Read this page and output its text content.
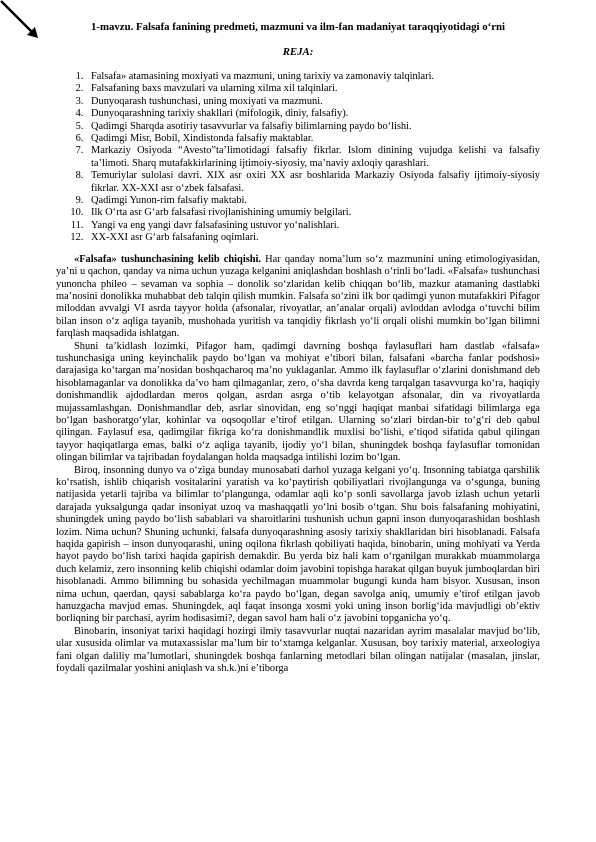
1-mavzu. Falsafa fanining predmeti, mazmuni va ilm-fan madaniyat taraqqiyotidagi o‘rni
REJA:
1. Falsafa» atamasining moxiyati va mazmuni, uning tarixiy va zamonaviy talqinlari.
2. Falsafaning baxs mavzulari va ularning xilma xil talqinlari.
3. Dunyoqarash tushunchasi, uning moxiyati va mazmuni.
4. Dunyoqarashning tarixiy shakllari (mifologik, diniy, falsafiy).
5. Qadimgi Sharqda asotiriy tasavvurlar va falsafiy bilimlarning paydo bo‘lishi.
6. Qadimgi Misr, Bobil, Xindistonda falsafiy maktablar.
7. Markaziy Osiyoda “Avesto”ta’limotidagi falsafiy fikrlar. Islom dinining vujudga kelishi va falsafiy ta’limoti. Sharq mutafakkirlarining ijtimoiy-siyosiy, ma’naviy axloqiy qarashlari.
8. Temuriylar sulolasi davri. XIX asr oxiri XX asr boshlarida Markaziy Osiyoda falsafiy ijtimoiy-siyosiy fikrlar. XX-XXI asr o‘zbek falsafasi.
9. Qadimgi Yunon-rim falsafiy maktabi.
10. Ilk O‘rta asr G‘arb falsafasi rivojlanishining umumiy belgilari.
11. Yangi va eng yangi davr falsafasining ustuvor yo‘nalishlari.
12. XX-XXI asr G‘arb falsafaning oqimlari.

«Falsafa» tushunchasining kelib chiqishi. Har qanday noma’lum so‘z mazmunini uning etimologiyasidan, ya’ni u qachon, qanday va nima uchun yuzaga kelganini aniqlashdan boshlash o‘rinli bo‘ladi. «Falsafa» tushunchasi yunoncha phileo – sevaman va sophia – donolik so‘zlaridan kelib chiqqan bo‘lib, mazkur atamaning dastlabki ma’nosini donolikka muhabbat deb talqin qilish mumkin. Falsafa so‘zini ilk bor qadimgi yunon mutafakkiri Pifagor miloddan avvalgi VI asrda tayyor holda (afsonalar, rivoyatlar, an’analar orqali) avloddan avlodga o‘tuvchi bilim bilan inson o‘z aqliga tayanib, mushohada yuritish va tanqidiy fikrlash yo‘li orqali olishi mumkin bo‘lgan bilimni farqlash maqsadida ishlatgan.

Shuni ta’kidlash lozimki, Pifagor ham, qadimgi davrning boshqa faylasuflari ham dastlab «falsafa» tushunchasiga uning keyinchalik paydo bo‘lgan va mohiyat e’tibori bilan, falsafani «barcha fanlar podshosi» darajasiga ko‘targan ma’nosidan boshqacharoq ma’no yuklaganlar. Ammo ilk faylasuflar o‘zlarini donishmand deb hisoblamaganlar va donolikka da’vo ham qilmaganlar, zero, o‘sha davrda keng tarqalgan tasavvurga ko‘ra, haqiqiy donishmandlik ajdodlardan meros qolgan, asrdan asrga o‘tib kelayotgan afsonalar, din va rivoyatlarda mujassamlashgan. Donishmandlar deb, asrlar sinovidan, eng so‘nggi haqiqat manbai sifatidagi bilimlarga ega bo‘lgan bashoratgo‘ylar, kohinlar va oqsoqollar e’tirof etilgan. Ularning so‘zlari birdan-bir to‘g‘ri deb qabul qilingan. Faylasuf esa, qadimgilar fikriga ko‘ra donishmandlik muxlisi bo‘lishi, e’tiqod sifatida qabul qilingan tayyor haqiqatlarga emas, balki o‘z aqliga tayanib, ijodiy yo‘l bilan, shuningdek boshqa faylasuflar tomonidan olingan bilimlar va tajribadan foydalangan holda maqsadga intilishi lozim bo‘lgan.

Biroq, insonning dunyo va o‘ziga bunday munosabati darhol yuzaga kelgani yo‘q. Insonning tabiatga qarshilik ko‘rsatish, ishlib chiqarish vositalarini yaratish va ko‘paytirish qobiliyatlari rivojlangunga va o‘sgunga, buning natijasida yetarli tajriba va bilimlar to‘plangunga, odamlar aqli ko‘p sonli savollarga javob izlash uchun yetarli darajada yuksalgunga qadar insoniyat uzoq va mashaqqatli yo‘lni bosib o‘tgan. Shu bois falsafaning mohiyatini, shuningdek uning paydo bo‘lish sabablari va sharoitlarini tushunish uchun gapni inson dunyoqarashidan boshlash lozim. Nima uchun? Shuning uchunki, falsafa dunyoqarashning asosiy tarixiy shakllaridan biri hisoblanadi. Falsafa haqida gapirish – inson dunyoqarashi, uning oqilona fikrlash qobiliyati haqida, binobarin, uning mohiyati va Yerda hayot paydo bo‘lish tarixi haqida gapirish demakdir. Bu yerda biz hali kam o‘rganilgan murakkab muammolarga duch kelamiz, zero insonning kelib chiqishi odamlar doim javobini topishga harakat qilgan buyuk jumboqlardan biri hisoblanadi. Ammo bilimning bu sohasida yechilmagan muammolar bugungi kunda ham bisyor. Xususan, inson nima uchun, qaerdan, qaysi sabablarga ko‘ra paydo bo‘lgan, degan savolga aniq, umumiy e’tirof etilgan javob hanuzgacha mavjud emas. Shuningdek, aql faqat insonga xosmi yoki uning inson borlig‘ida mavjudligi ob’ektiv borliqning bir parchasi, ayrim hodisasimi?, degan savol ham hali o‘z javobini topganicha yo‘q.

Binobarin, insoniyat tarixi haqidagi hozirgi ilmiy tasavvurlar nuqtai nazaridan ayrim masalalar mavjud bo‘lib, ular xususida olimlar va mutaxassislar ma’lum bir to‘xtamga kelganlar. Xususan, boy tarixiy material, arxeologiya fani olgan daliliy ma’lumotlari, shuningdek boshqa fanlarning metodlari bilan olingan natijalar (masalan, jinslar, foydali qazilmalar yoshini aniqlash va sh.k.)ni e’tiborga
